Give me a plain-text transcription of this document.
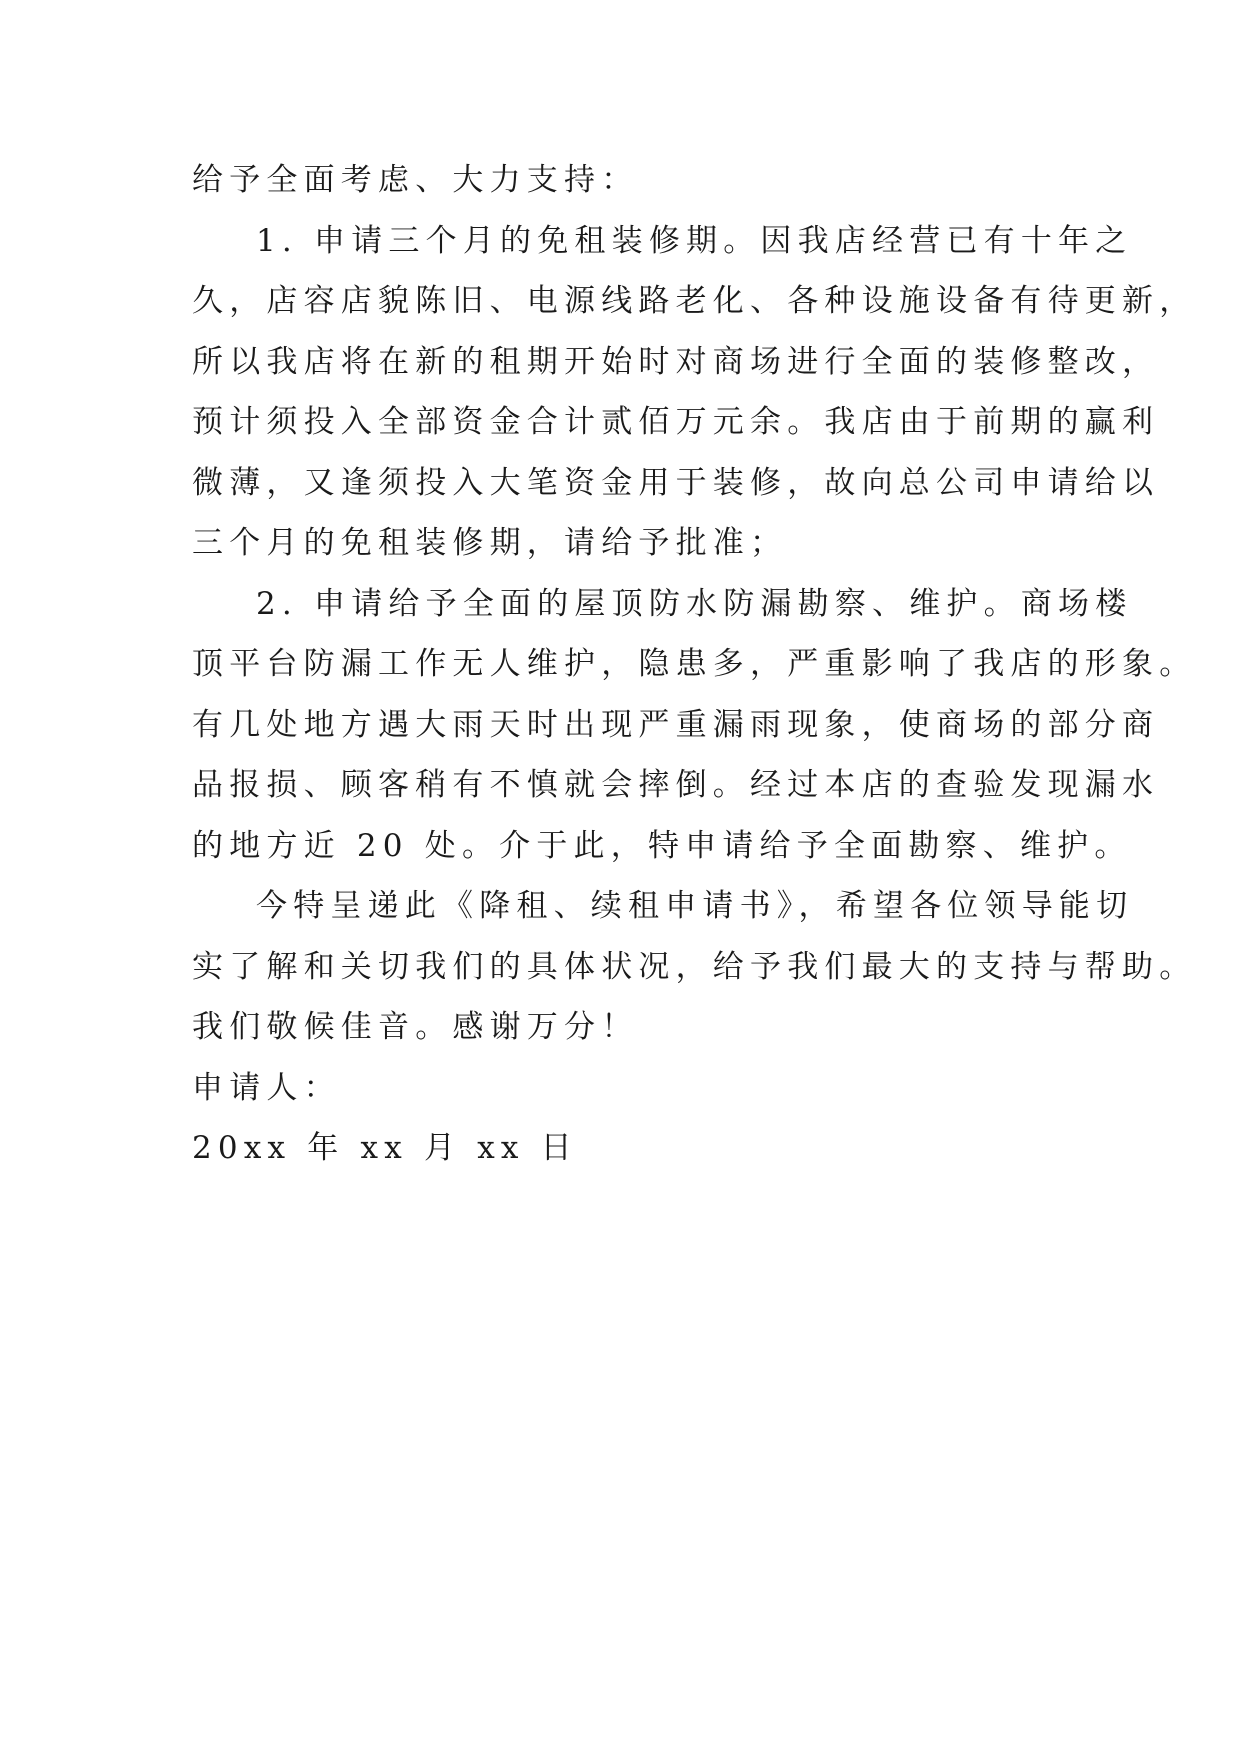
给予全面考虑、大力支持：
1. 申请三个月的免租装修期。因我店经营已有十年之
久，店容店貌陈旧、电源线路老化、各种设施设备有待更新，
所以我店将在新的租期开始时对商场进行全面的装修整改，
预计须投入全部资金合计贰佰万元余。我店由于前期的赢利
微薄，又逢须投入大笔资金用于装修，故向总公司申请给以
三个月的免租装修期，请给予批准；
2. 申请给予全面的屋顶防水防漏勘察、维护。商场楼
顶平台防漏工作无人维护，隐患多，严重影响了我店的形象。
有几处地方遇大雨天时出现严重漏雨现象，使商场的部分商
品报损、顾客稍有不慎就会摔倒。经过本店的查验发现漏水
的地方近 20 处。介于此，特申请给予全面勘察、维护。
今特呈递此《降租、续租申请书》，希望各位领导能切
实了解和关切我们的具体状况，给予我们最大的支持与帮助。
我们敬候佳音。感谢万分！
申请人：
20xx 年 xx 月 xx 日
